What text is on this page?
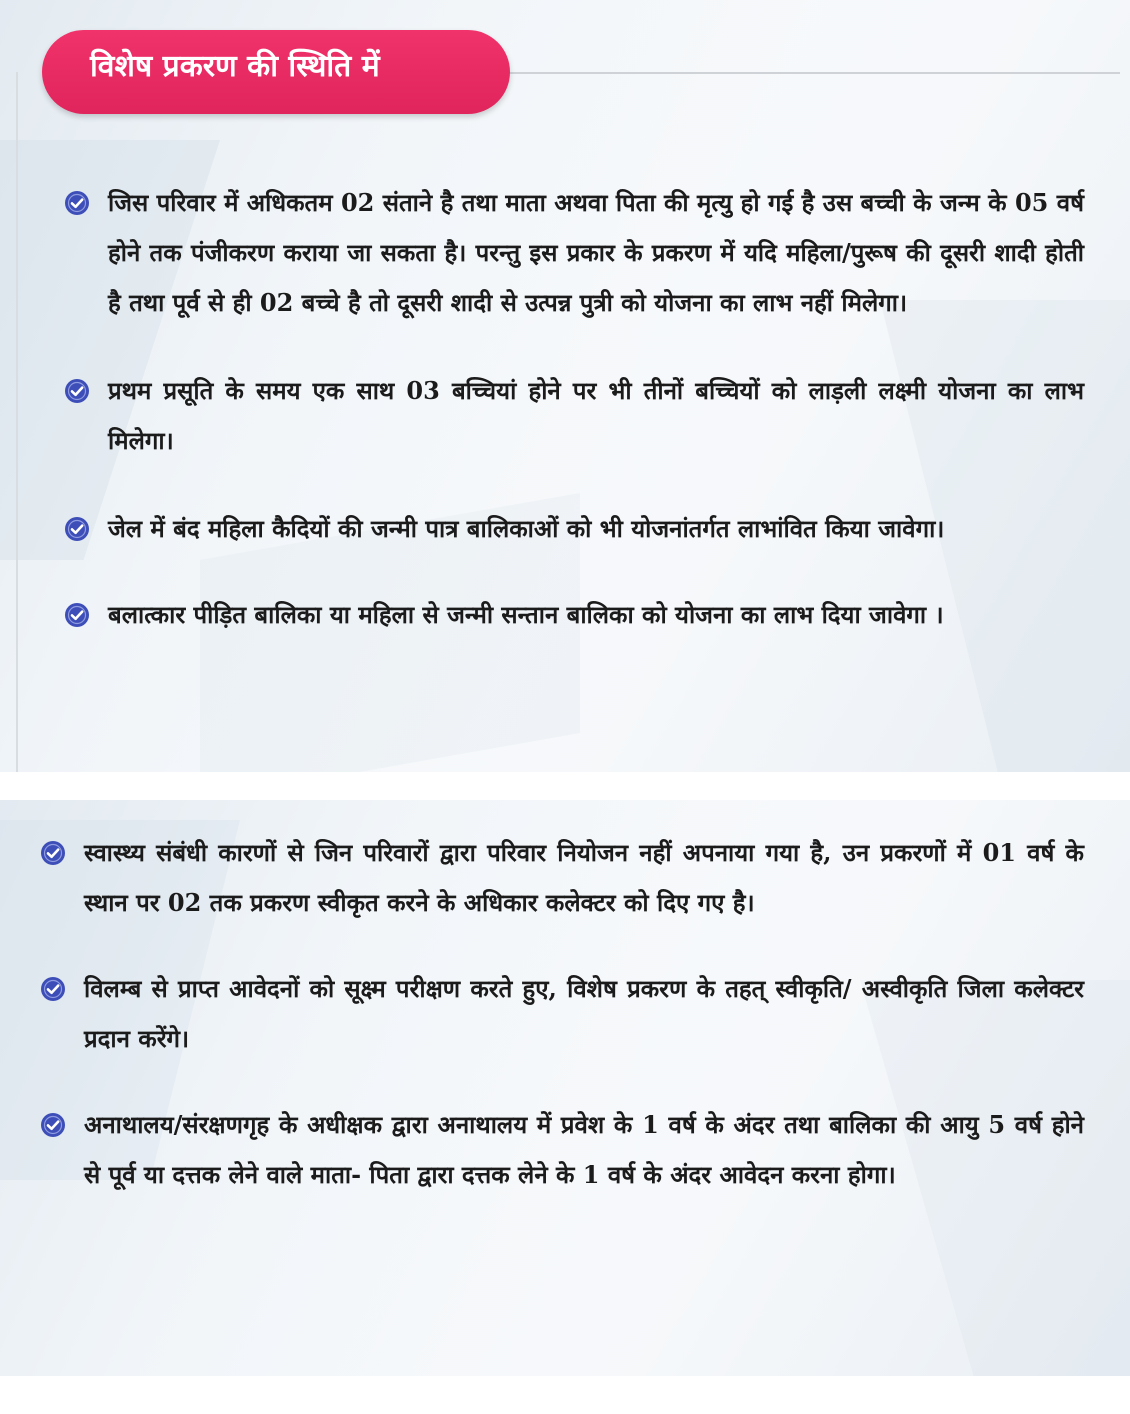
विशेष प्रकरण की स्थिति में
जिस परिवार में अधिकतम 02 संताने है तथा माता अथवा पिता की मृत्यु हो गई है उस बच्ची के जन्म के 05 वर्ष होने तक पंजीकरण कराया जा सकता है। परन्तु इस प्रकार के प्रकरण में यदि महिला/पुरूष की दूसरी शादी होती है तथा पूर्व से ही 02 बच्चे है तो दूसरी शादी से उत्पन्न पुत्री को योजना का लाभ नहीं मिलेगा।
प्रथम प्रसूति के समय एक साथ 03 बच्चियां होने पर भी तीनों बच्चियों को लाड़ली लक्ष्मी योजना का लाभ मिलेगा।
जेल में बंद महिला कैदियों की जन्मी पात्र बालिकाओं को भी योजनांतर्गत लाभांवित किया जावेगा।
बलात्कार पीड़ित बालिका या महिला से जन्मी सन्तान बालिका को योजना का लाभ दिया जावेगा ।
स्वास्थ्य संबंधी कारणों से जिन परिवारों द्वारा परिवार नियोजन नहीं अपनाया गया है, उन प्रकरणों में 01 वर्ष के स्थान पर 02 तक प्रकरण स्वीकृत करने के अधिकार कलेक्टर को दिए गए है।
विलम्ब से प्राप्त आवेदनों को सूक्ष्म परीक्षण करते हुए, विशेष प्रकरण के तहत् स्वीकृति/ अस्वीकृति जिला कलेक्टर प्रदान करेंगे।
अनाथालय/संरक्षणगृह के अधीक्षक द्वारा अनाथालय में प्रवेश के 1 वर्ष के अंदर तथा बालिका की आयु 5 वर्ष होने से पूर्व या दत्तक लेने वाले माता- पिता द्वारा दत्तक लेने के 1 वर्ष के अंदर आवेदन करना होगा।
